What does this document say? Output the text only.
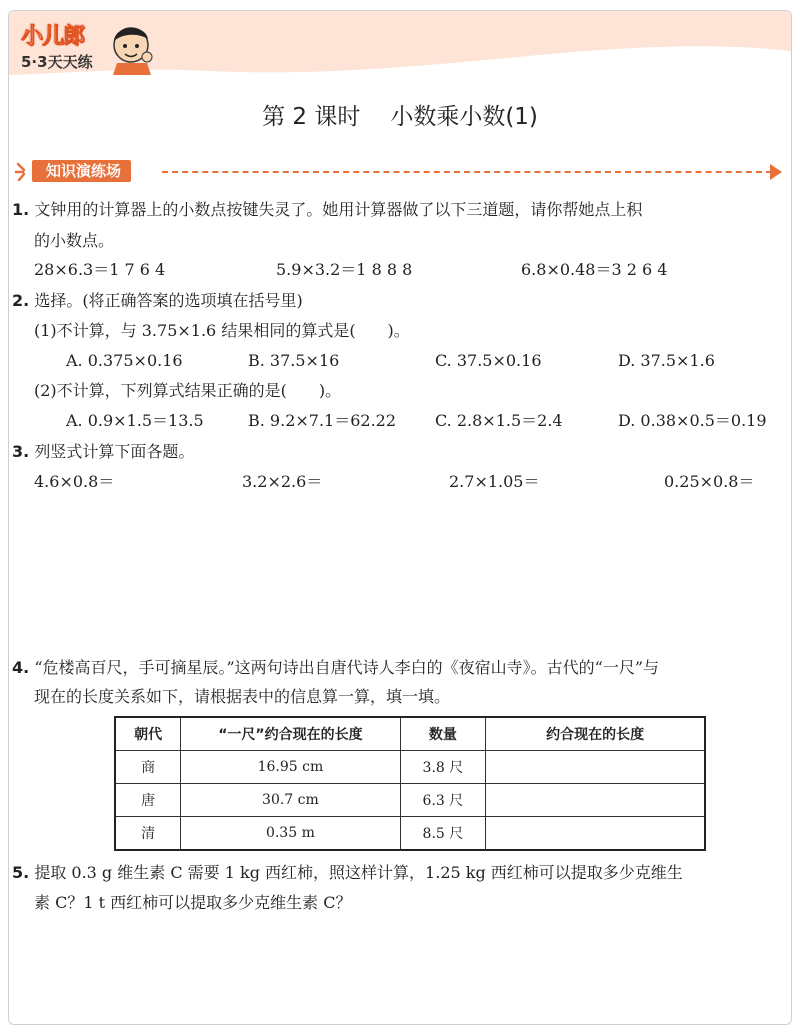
小儿郎
5·3天天练
第 2 课时 小数乘小数(1)
知识演练场
1. 文钟用的计算器上的小数点按键失灵了。她用计算器做了以下三道题，请你帮她点上积
的小数点。
28×6.3＝1 7 6 4	5.9×3.2＝1 8 8 8	6.8×0.48＝3 2 6 4
2. 选择。(将正确答案的选项填在括号里)
(1)不计算，与 3.75×1.6 结果相同的算式是(　　)。
A. 0.375×0.16	B. 37.5×16	C. 37.5×0.16	D. 37.5×1.6
(2)不计算，下列算式结果正确的是(　　)。
A. 0.9×1.5＝13.5	B. 9.2×7.1＝62.22 C. 2.8×1.5＝2.4	D. 0.38×0.5＝0.19
3. 列竖式计算下面各题。
4.6×0.8＝	3.2×2.6＝	2.7×1.05＝	0.25×0.8＝
4. “危楼高百尺，手可摘星辰。”这两句诗出自唐代诗人李白的《夜宿山寺》。古代的“一尺”与
现在的长度关系如下，请根据表中的信息算一算，填一填。
朝代	“一尺”约合现在的长度	数量	约合现在的长度
商	16.95 cm	3.8 尺	
唐	30.7 cm	6.3 尺	
清	0.35 m	8.5 尺	
5. 提取 0.3 g 维生素 C 需要 1 kg 西红柿，照这样计算，1.25 kg 西红柿可以提取多少克维生
素 C？1 t 西红柿可以提取多少克维生素 C？
